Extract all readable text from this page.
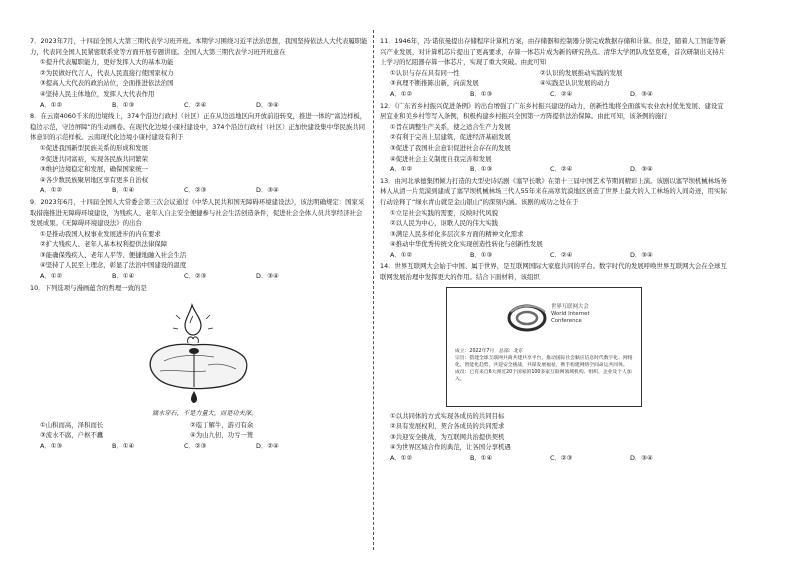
7．2023年7月，十四届全国人大第三期代表学习班开班。本期学习围绕习近平法治思想，我国坚持依法人大代表履职能力，代表同全国人民紧密联系党等方面开展专题讲座。全国人大第三期代表学习班开班意在
①提升代表履职能力，更好发挥人大的基本功能
②为民做好代言人，代表人民直接行使国家权力
③提高人大代表的政治站位，全面推进依法治国
④坚持人民主体地位，发挥人大代表作用
A．①②	B．①③	C．②④	D．③④
8．在云南4060千米的边境线上，374个沿边行政村（社区）正在从边远地区向开放前沿转变，推进一体的“富边样板，稳边示范，守边屏障”的生动画卷。在现代化边境小康村建设中，374个沿边行政村（社区）正加快建设集中华民族共同体意识的示范样板。云南现代化边境小康村建设有利于
①促进我国新型民族关系的形成和发展
②促进共同富裕，实现各民族共同繁荣
③维护边境稳定和发展，确保国家统一
④各少数民族聚居地区享有更多自治权
A．①②	B．①④	C．②③	D．③④
9．2023年6月，十四届全国人大常委会第三次会议通过《中华人民共和国无障碍环境建设法》，该法明确规定：国家采取措施推进无障碍环境建设，为残疾人、老年人自主安全便捷参与社会生活创造条件，促进社会全体人员共享经济社会发展成果。《无障碍环境建设法》的出台
①是推动我国人权事业发展进步的内在要求
②扩大残疾人、老年人基本权利提供法律保障
③能确保残疾人、老年人平等、便捷地融入社会生活
④坚持了人民至上理念，彰显了法治中国建设的温度
A．①②	B．①④	C．②③	D．③④
10．下列选项与漫画蕴含的哲理一致的是
滴水穿石，不是力量大，而是功夫深。
①山积而高，泽积而长	②庖丁解牛，游刃有余
③流水不腐，户枢不蠹	④为山九仞，功亏一篑
A．①③	B．①④	C．②③	D．②④
11．1946年，冯·诺依曼提出存储程序计算机方案，由存储器和控制器分别完成数据存储和计算。但是，随着人工智能等新兴产业发展，对计算机芯片提出了更高要求，存算一体芯片成为新的研究热点。清华大学团队攻坚克难，首次研制出支持片上学习的忆阻器存算一体芯片，实现了重大突破。由此可知
①认识与存在具有同一性	②认识的发展推动实践的发展
③真理不断推陈出新，向前发展	④实践是认识发展的动力
A．①②	B．①③	C．②④	D．③④
12．《广东省乡村振兴促进条例》的出台增强了广东乡村振兴建设的动力，创新性地将全面落实农业农村优先发展、建设宜居宜业和美乡村等写入条例，积极构建乡村振兴全国第一方阵提供法治保障。由此可知，该条例的施行
①旨在调整生产关系，使之适合生产力发展
②有利于完善上层建筑，促进经济基础发展
③促进了我国社会意识促进社会存在的发展
④促进社会主义制度自我完善和发展
A．①②	B．①③	C．②④	D．③④
13．由河北承德集团倾力打造的大型史诗话剧《塞罕长歌》在第十三届中国艺术节期间精彩上演。该剧以塞罕坝机械林场务林人从清一片荒漠到建成了塞罕坝机械林场三代人55年来在高寒荒漠地区创造了世界上最大的人工林场的人间奇迹，用实际行动诠释了“绿水青山就是金山银山”的深刻内涵。该剧的成功之处在于
①立足社会实践的需要，反映时代风貌
②以人民为中心，讴歌人民的伟大实践
③满足人民多样化多层次多方面的精神文化需求
④推动中华优秀传统文化实现创造性转化与创新性发展
A．①②	B．①③	C．②④	D．③④
14．世界互联网大会始于中国、属于世界，是互联网国际大家庭共同的平台。数字时代的发展呼唤世界互联网大会在全球互联网发展治理中发挥更大的作用。结合下面材料，该组织
世界互联网大会
World Internet
Conference
成立：2022年7月　总部：北京
宗旨：搭建全球互联网共商共建共享平台，推动国际社会顺应信息时代数字化、网络化、智能化趋势，共迎安全挑战，共谋发展福祉，携手构建网络空间命运共同体。
成员：已有来自6大洲近20个国家的100多家互联网领域机构、组织、企业及个人加入。
①以共同体的方式实现各成员的共同目标
②具有发展权利，契合各成员的共同需求
③共迎安全挑战，为互联网共治提供契机
④为世界区域合作的典范，让各国分享机遇
A．①②	B．①④	C．②③	D．③④
